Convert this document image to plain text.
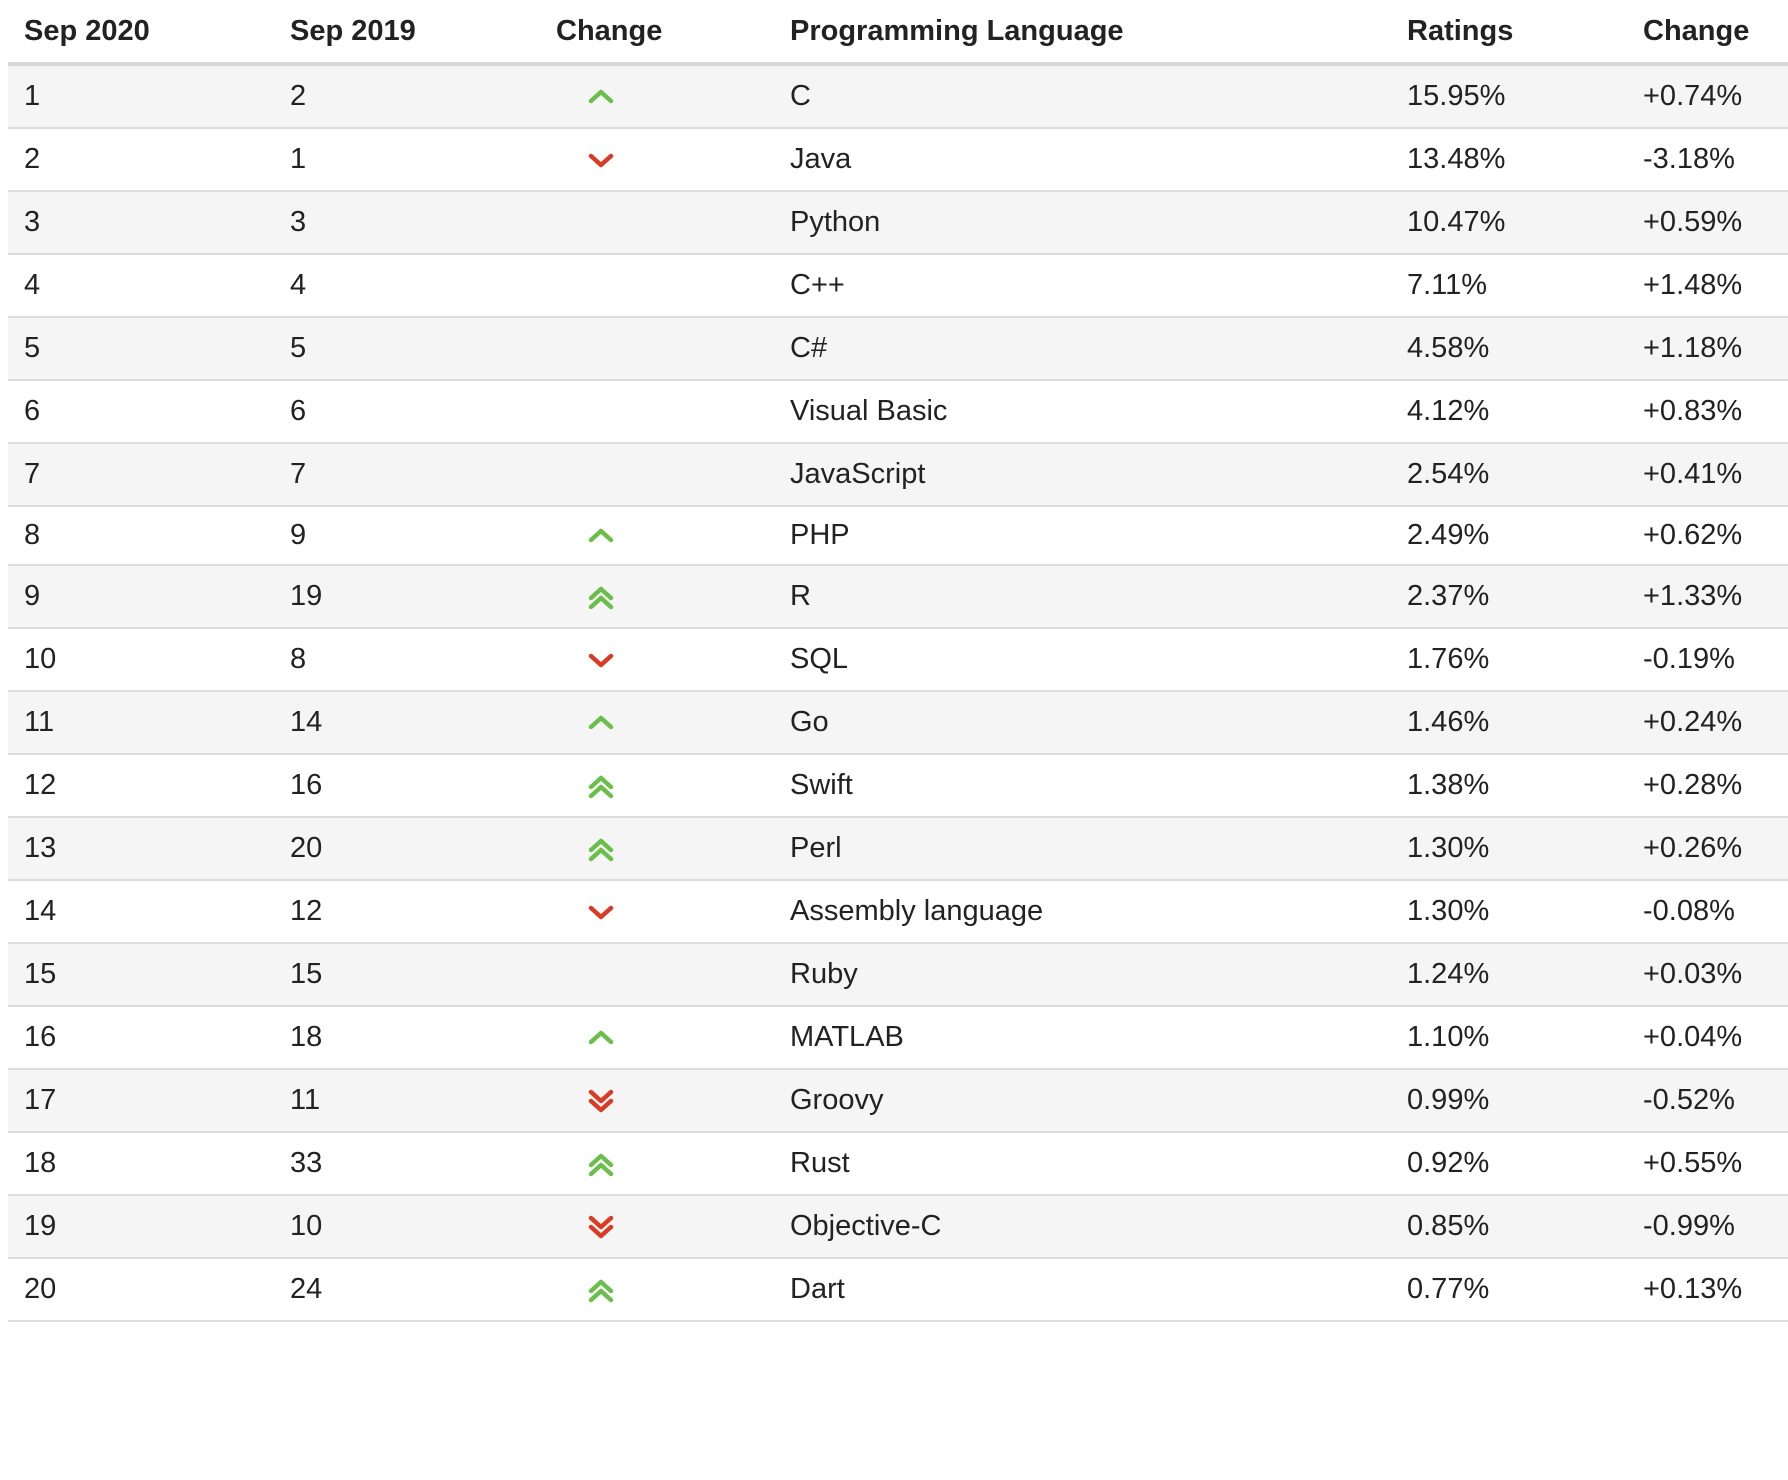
Sep 2020	Sep 2019	Change	Programming Language	Ratings	Change
1	2	C	15.95%	+0.74%
2	1	Java	13.48%	-3.18%
3	3	Python	10.47%	+0.59%
4	4	C++	7.11%	+1.48%
5	5	C#	4.58%	+1.18%
6	6	Visual Basic	4.12%	+0.83%
7	7	JavaScript	2.54%	+0.41%
8	9	PHP	2.49%	+0.62%
9	19	R	2.37%	+1.33%
10	8	SQL	1.76%	-0.19%
11	14	Go	1.46%	+0.24%
12	16	Swift	1.38%	+0.28%
13	20	Perl	1.30%	+0.26%
14	12	Assembly language	1.30%	-0.08%
15	15	Ruby	1.24%	+0.03%
16	18	MATLAB	1.10%	+0.04%
17	11	Groovy	0.99%	-0.52%
18	33	Rust	0.92%	+0.55%
19	10	Objective-C	0.85%	-0.99%
20	24	Dart	0.77%	+0.13%
